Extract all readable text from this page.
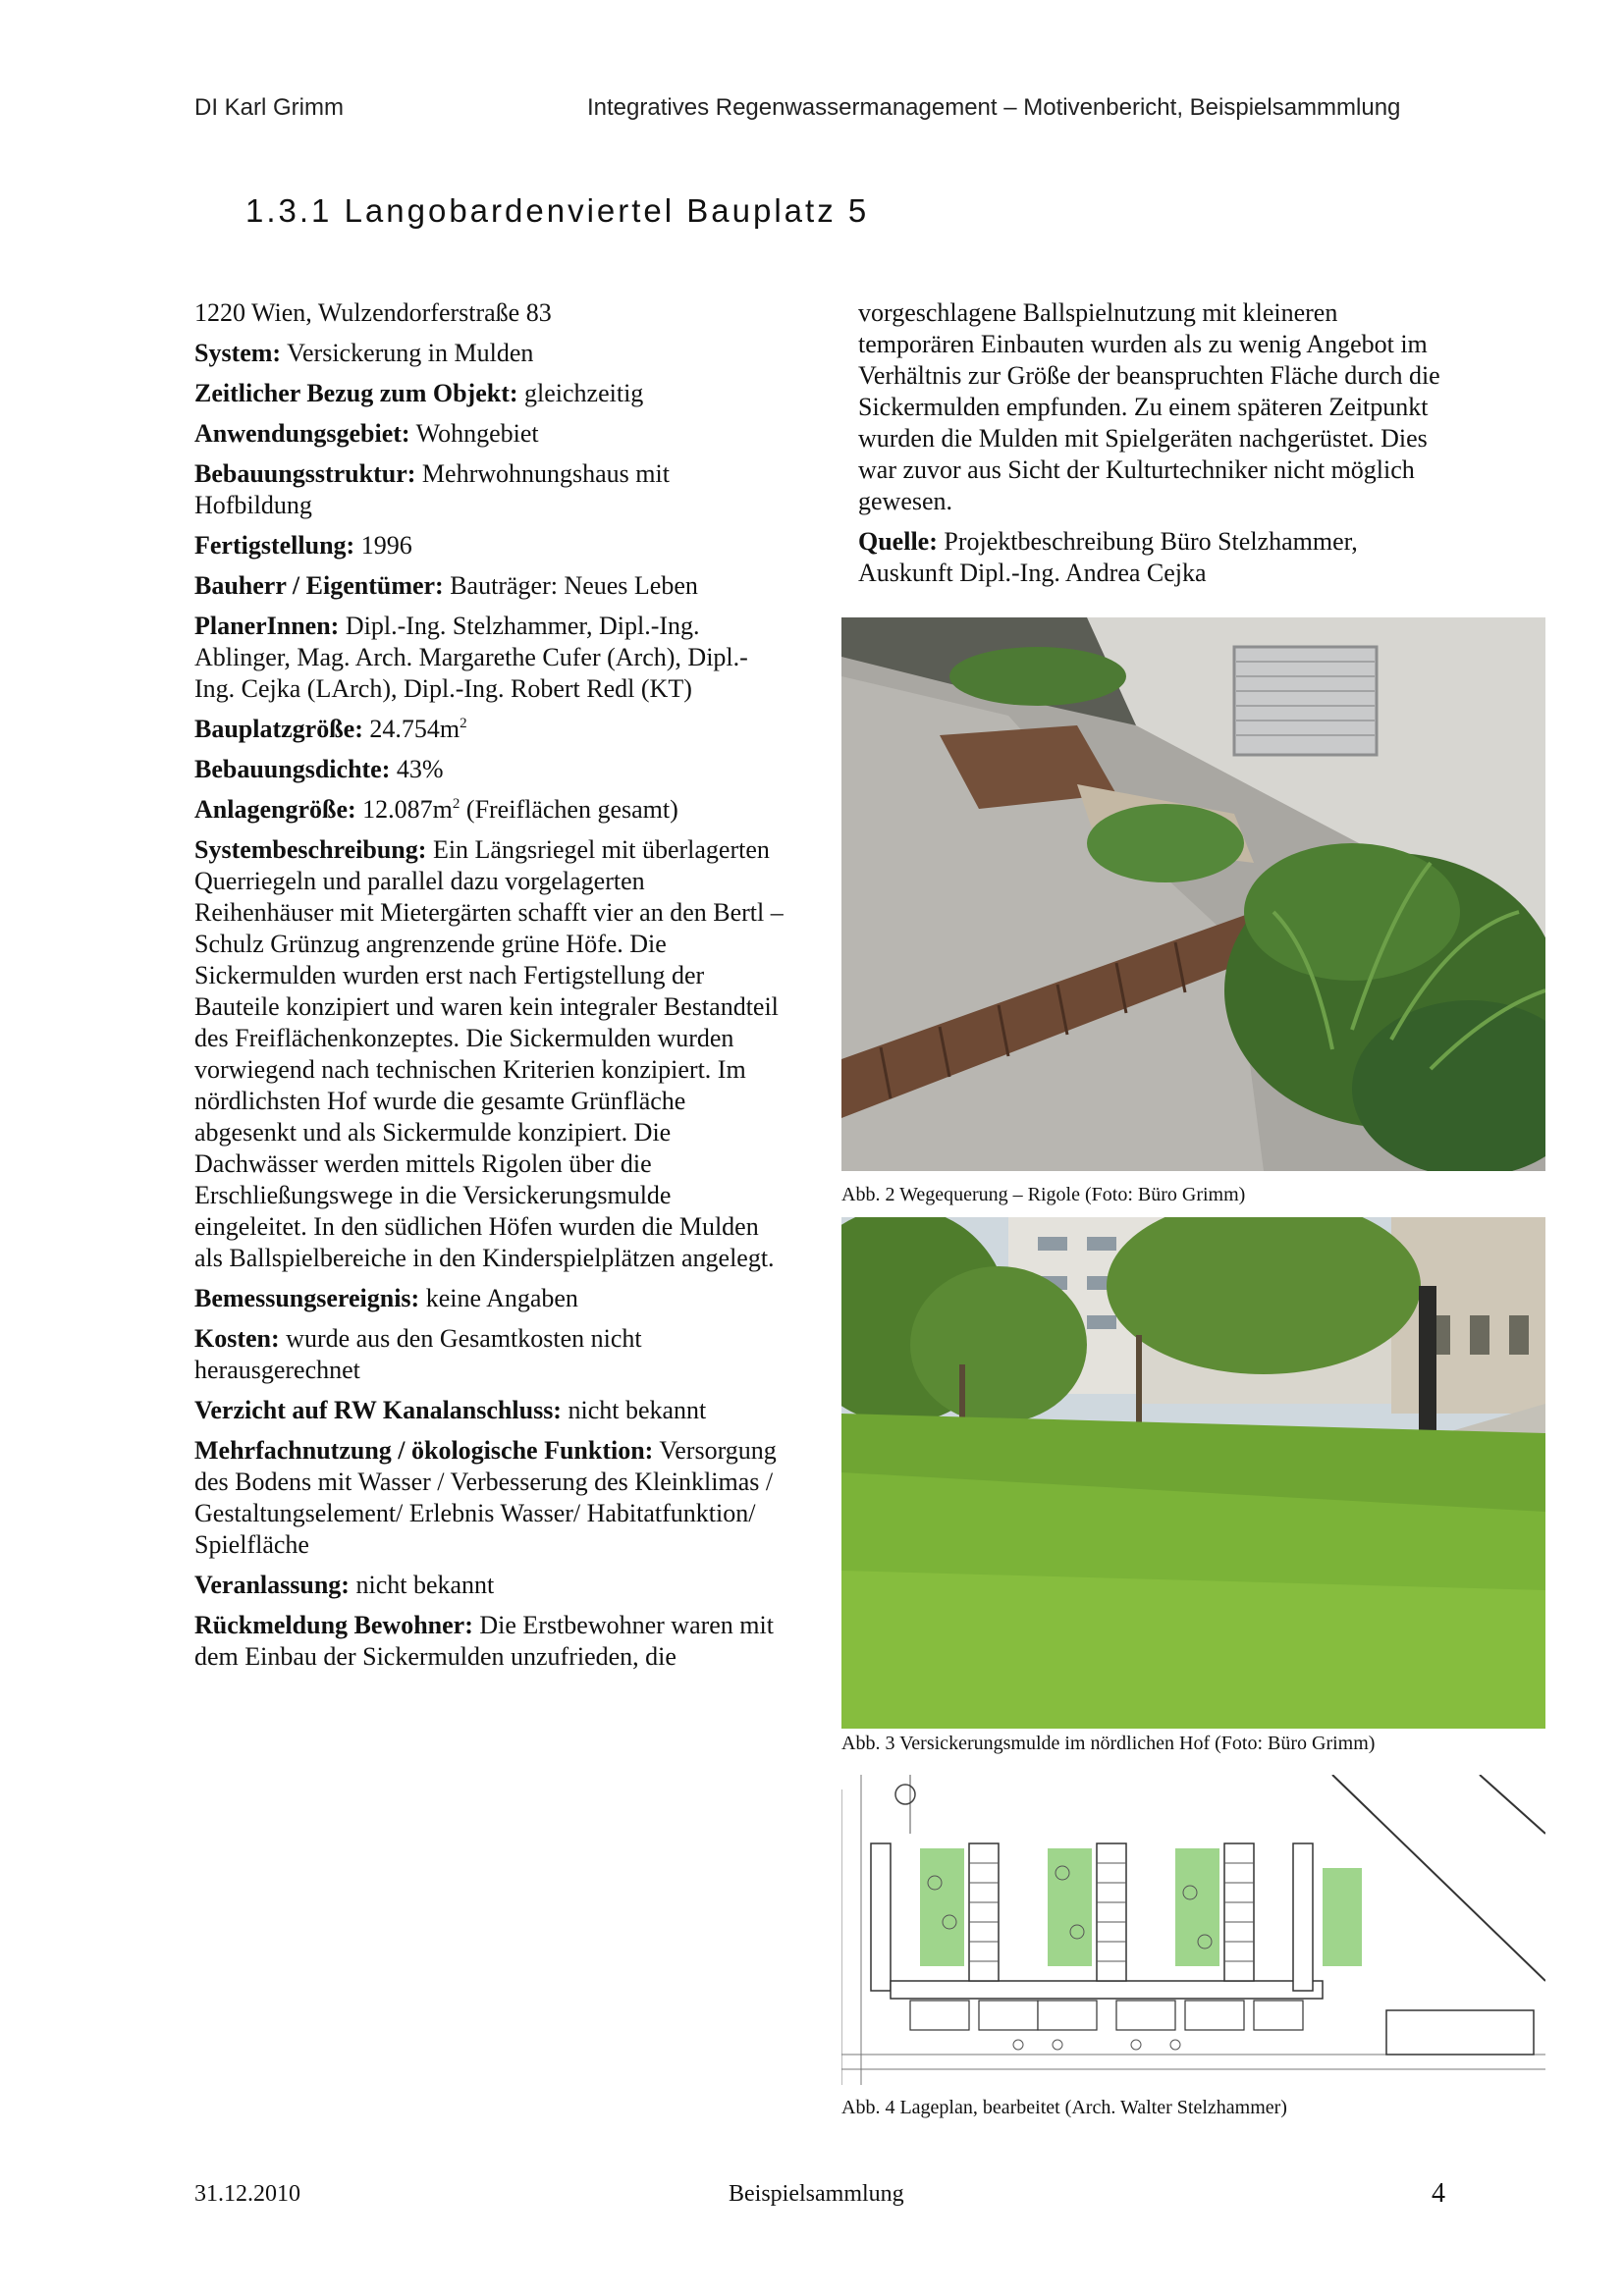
DI Karl Grimm	Integratives Regenwassermanagement – Motivenbericht, Beispielsammmlung
1.3.1 Langobardenviertel Bauplatz 5

1220 Wien, Wulzendorferstraße 83

System: Versickerung in Mulden

Zeitlicher Bezug zum Objekt: gleichzeitig

Anwendungsgebiet: Wohngebiet

Bebauungsstruktur: Mehrwohnungshaus mit Hofbildung

Fertigstellung: 1996

Bauherr / Eigentümer: Bauträger: Neues Leben

PlanerInnen: Dipl.-Ing. Stelzhammer, Dipl.-Ing. Ablinger, Mag. Arch. Margarethe Cufer (Arch), Dipl.-Ing. Cejka (LArch), Dipl.-Ing. Robert Redl (KT)

Bauplatzgröße: $24.754m^2$

Bebauungsdichte: 43%

Anlagengröße: $12.087m^2$ (Freiflächen gesamt)

Systembeschreibung: Ein Längsriegel mit überlagerten Querriegeln und parallel dazu vorgelagerten Reihenhäuser mit Mietergärten schafft vier an den Bertl – Schulz Grünzug angrenzende grüne Höfe. Die Sickermulden wurden erst nach Fertigstellung der Bauteile konzipiert und waren kein integraler Bestandteil des Freiflächenkonzeptes. Die Sickermulden wurden vorwiegend nach technischen Kriterien konzipiert. Im nördlichsten Hof wurde die gesamte Grünfläche abgesenkt und als Sickermulde konzipiert. Die Dachwässer werden mittels Rigolen über die Erschließungswege in die Versickerungsmulde eingeleitet. In den südlichen Höfen wurden die Mulden als Ballspielbereiche in den Kinderspielplätzen angelegt.

Bemessungsereignis: keine Angaben

Kosten: wurde aus den Gesamtkosten nicht herausgerechnet

Verzicht auf RW Kanalanschluss: nicht bekannt

Mehrfachnutzung / ökologische Funktion: Versorgung des Bodens mit Wasser / Verbesserung des Kleinklimas / Gestaltungselement/ Erlebnis Wasser/ Habitatfunktion/ Spielfläche

Veranlassung: nicht bekannt

Rückmeldung Bewohner: Die Erstbewohner waren mit dem Einbau der Sickermulden unzufrieden, die

vorgeschlagene Ballspielnutzung mit kleineren temporären Einbauten wurden als zu wenig Angebot im Verhältnis zur Größe der beanspruchten Fläche durch die Sickermulden empfunden. Zu einem späteren Zeitpunkt wurden die Mulden mit Spielgeräten nachgerüstet. Dies war zuvor aus Sicht der Kulturtechniker nicht möglich gewesen.

Quelle: Projektbeschreibung Büro Stelzhammer, Auskunft Dipl.-Ing. Andrea Cejka

Abb. 2 Wegequerung – Rigole (Foto: Büro Grimm)
Abb. 3 Versickerungsmulde im nördlichen Hof (Foto: Büro Grimm)
Abb. 4 Lageplan, bearbeitet (Arch. Walter Stelzhammer)
31.12.2010	Beispielsammlung	4
